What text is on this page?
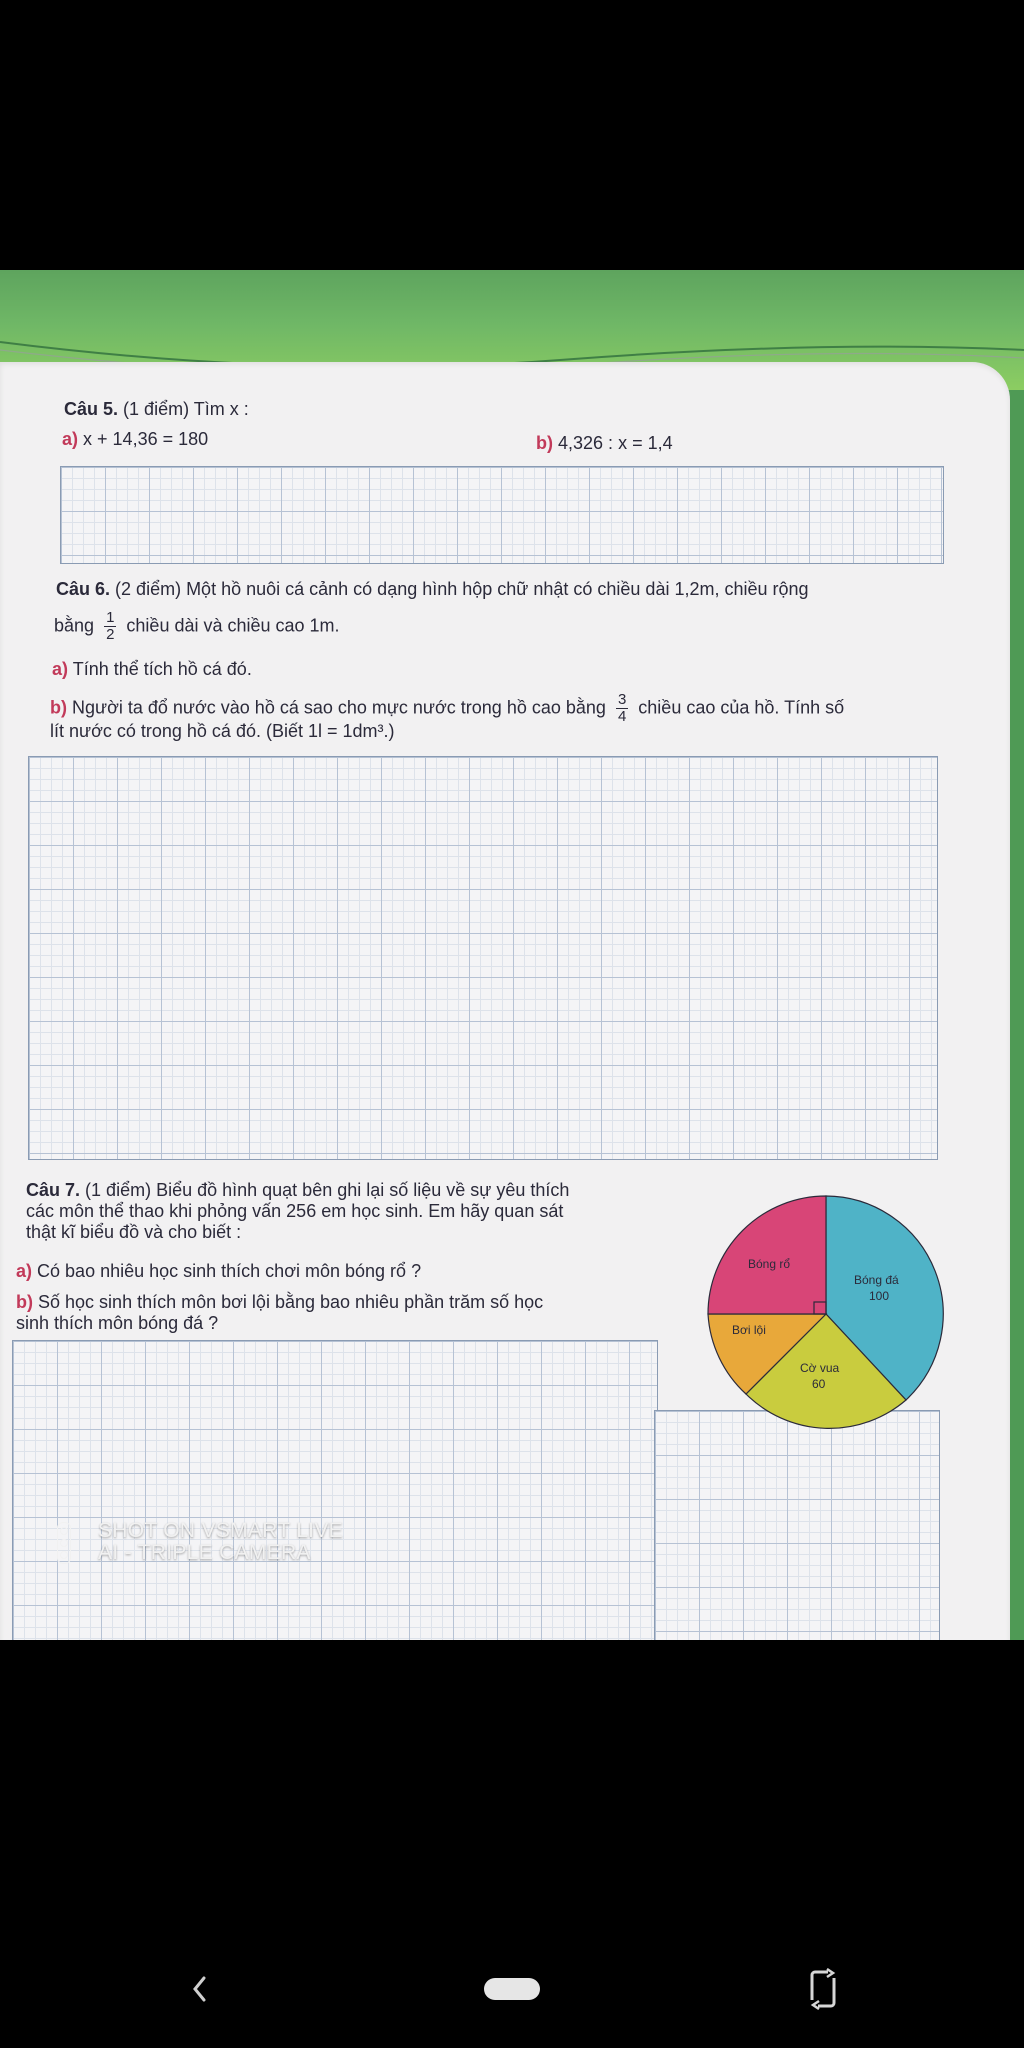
Câu 5. (1 điểm) Tìm x :
a) x + 14,36 = 180	b) 4,326 : x = 1,4
Câu 6. (2 điểm) Một hồ nuôi cá cảnh có dạng hình hộp chữ nhật có chiều dài 1,2m, chiều rộng
bằng $\frac{1}{2}$ chiều dài và chiều cao 1m.
a) Tính thể tích hồ cá đó.
b) Người ta đổ nước vào hồ cá sao cho mực nước trong hồ cao bằng $\frac{3}{4}$ chiều cao của hồ. Tính số
lít nước có trong hồ cá đó. (Biết 1l = 1dm³.)
Câu 7. (1 điểm) Biểu đồ hình quạt bên ghi lại số liệu về sự yêu thích
các môn thể thao khi phỏng vấn 256 em học sinh. Em hãy quan sát
thật kĩ biểu đồ và cho biết :
a) Có bao nhiêu học sinh thích chơi môn bóng rổ ?
b) Số học sinh thích môn bơi lội bằng bao nhiêu phần trăm số học
sinh thích môn bóng đá ?
Bóng rổ
Bóng đá
100
Bơi lội
Cờ vua
60
SHOT ON VSMART LIVE
AI - TRIPLE CAMERA
